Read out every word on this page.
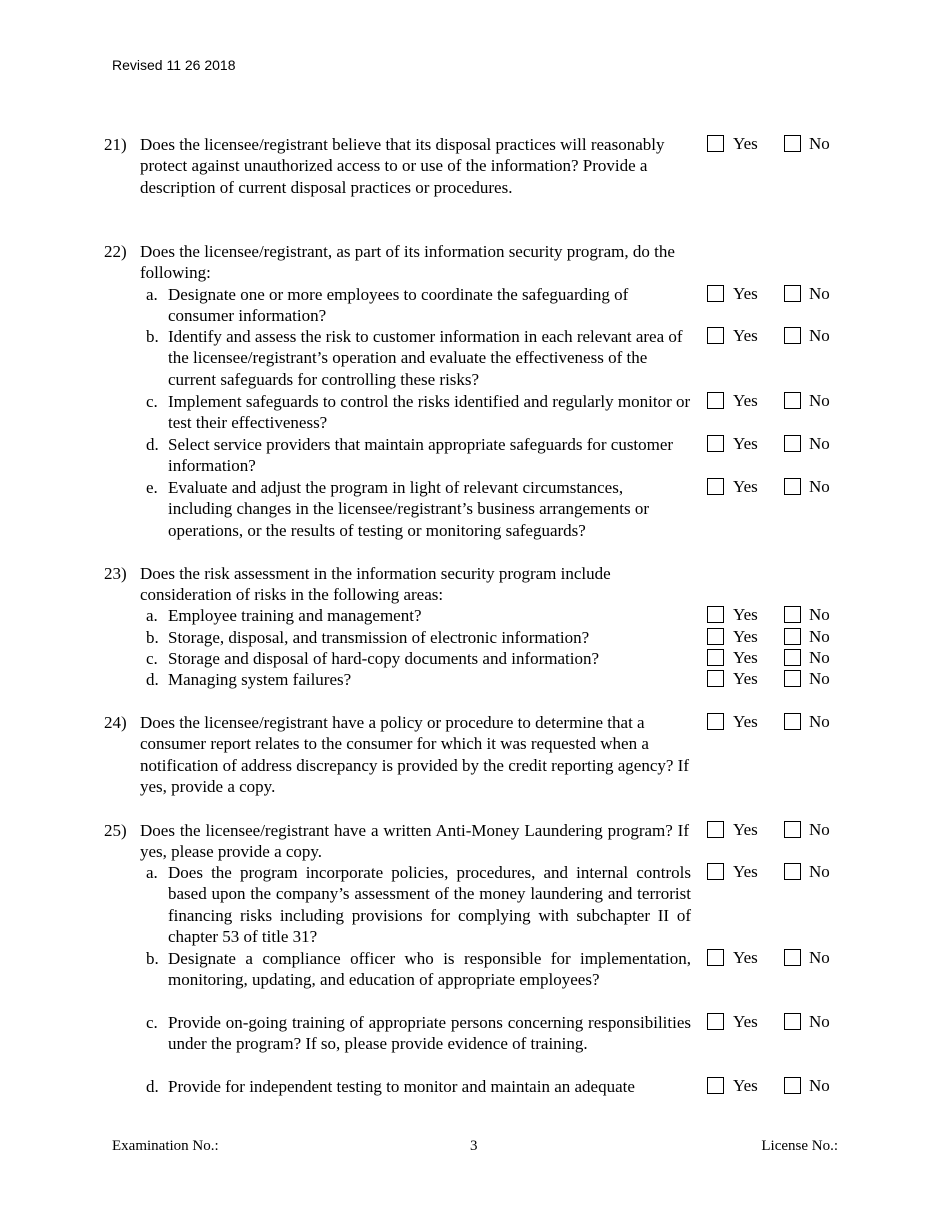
Revised 11 26 2018
21) Does the licensee/registrant believe that its disposal practices will reasonably protect against unauthorized access to or use of the information? Provide a description of current disposal practices or procedures.
Yes	No
22) Does the licensee/registrant, as part of its information security program, do the following:
a. Designate one or more employees to coordinate the safeguarding of consumer information?
Yes	No
b. Identify and assess the risk to customer information in each relevant area of the licensee/registrant’s operation and evaluate the effectiveness of the current safeguards for controlling these risks?
Yes	No
c. Implement safeguards to control the risks identified and regularly monitor or test their effectiveness?
Yes	No
d. Select service providers that maintain appropriate safeguards for customer information?
Yes	No
e. Evaluate and adjust the program in light of relevant circumstances, including changes in the licensee/registrant’s business arrangements or operations, or the results of testing or monitoring safeguards?
Yes	No
23) Does the risk assessment in the information security program include consideration of risks in the following areas:
a. Employee training and management?	Yes	No
b. Storage, disposal, and transmission of electronic information?	Yes	No
c. Storage and disposal of hard-copy documents and information?	Yes	No
d. Managing system failures?	Yes	No
24) Does the licensee/registrant have a policy or procedure to determine that a consumer report relates to the consumer for which it was requested when a notification of address discrepancy is provided by the credit reporting agency? If yes, provide a copy.
Yes	No
25) Does the licensee/registrant have a written Anti-Money Laundering program? If yes, please provide a copy.
Yes	No
a. Does the program incorporate policies, procedures, and internal controls based upon the company’s assessment of the money laundering and terrorist financing risks including provisions for complying with subchapter II of chapter 53 of title 31?
Yes	No
b. Designate a compliance officer who is responsible for implementation, monitoring, updating, and education of appropriate employees?
Yes	No
c. Provide on-going training of appropriate persons concerning responsibilities under the program? If so, please provide evidence of training.
Yes	No
d. Provide for independent testing to monitor and maintain an adequate	Yes	No
Examination No.:	3	License No.:
